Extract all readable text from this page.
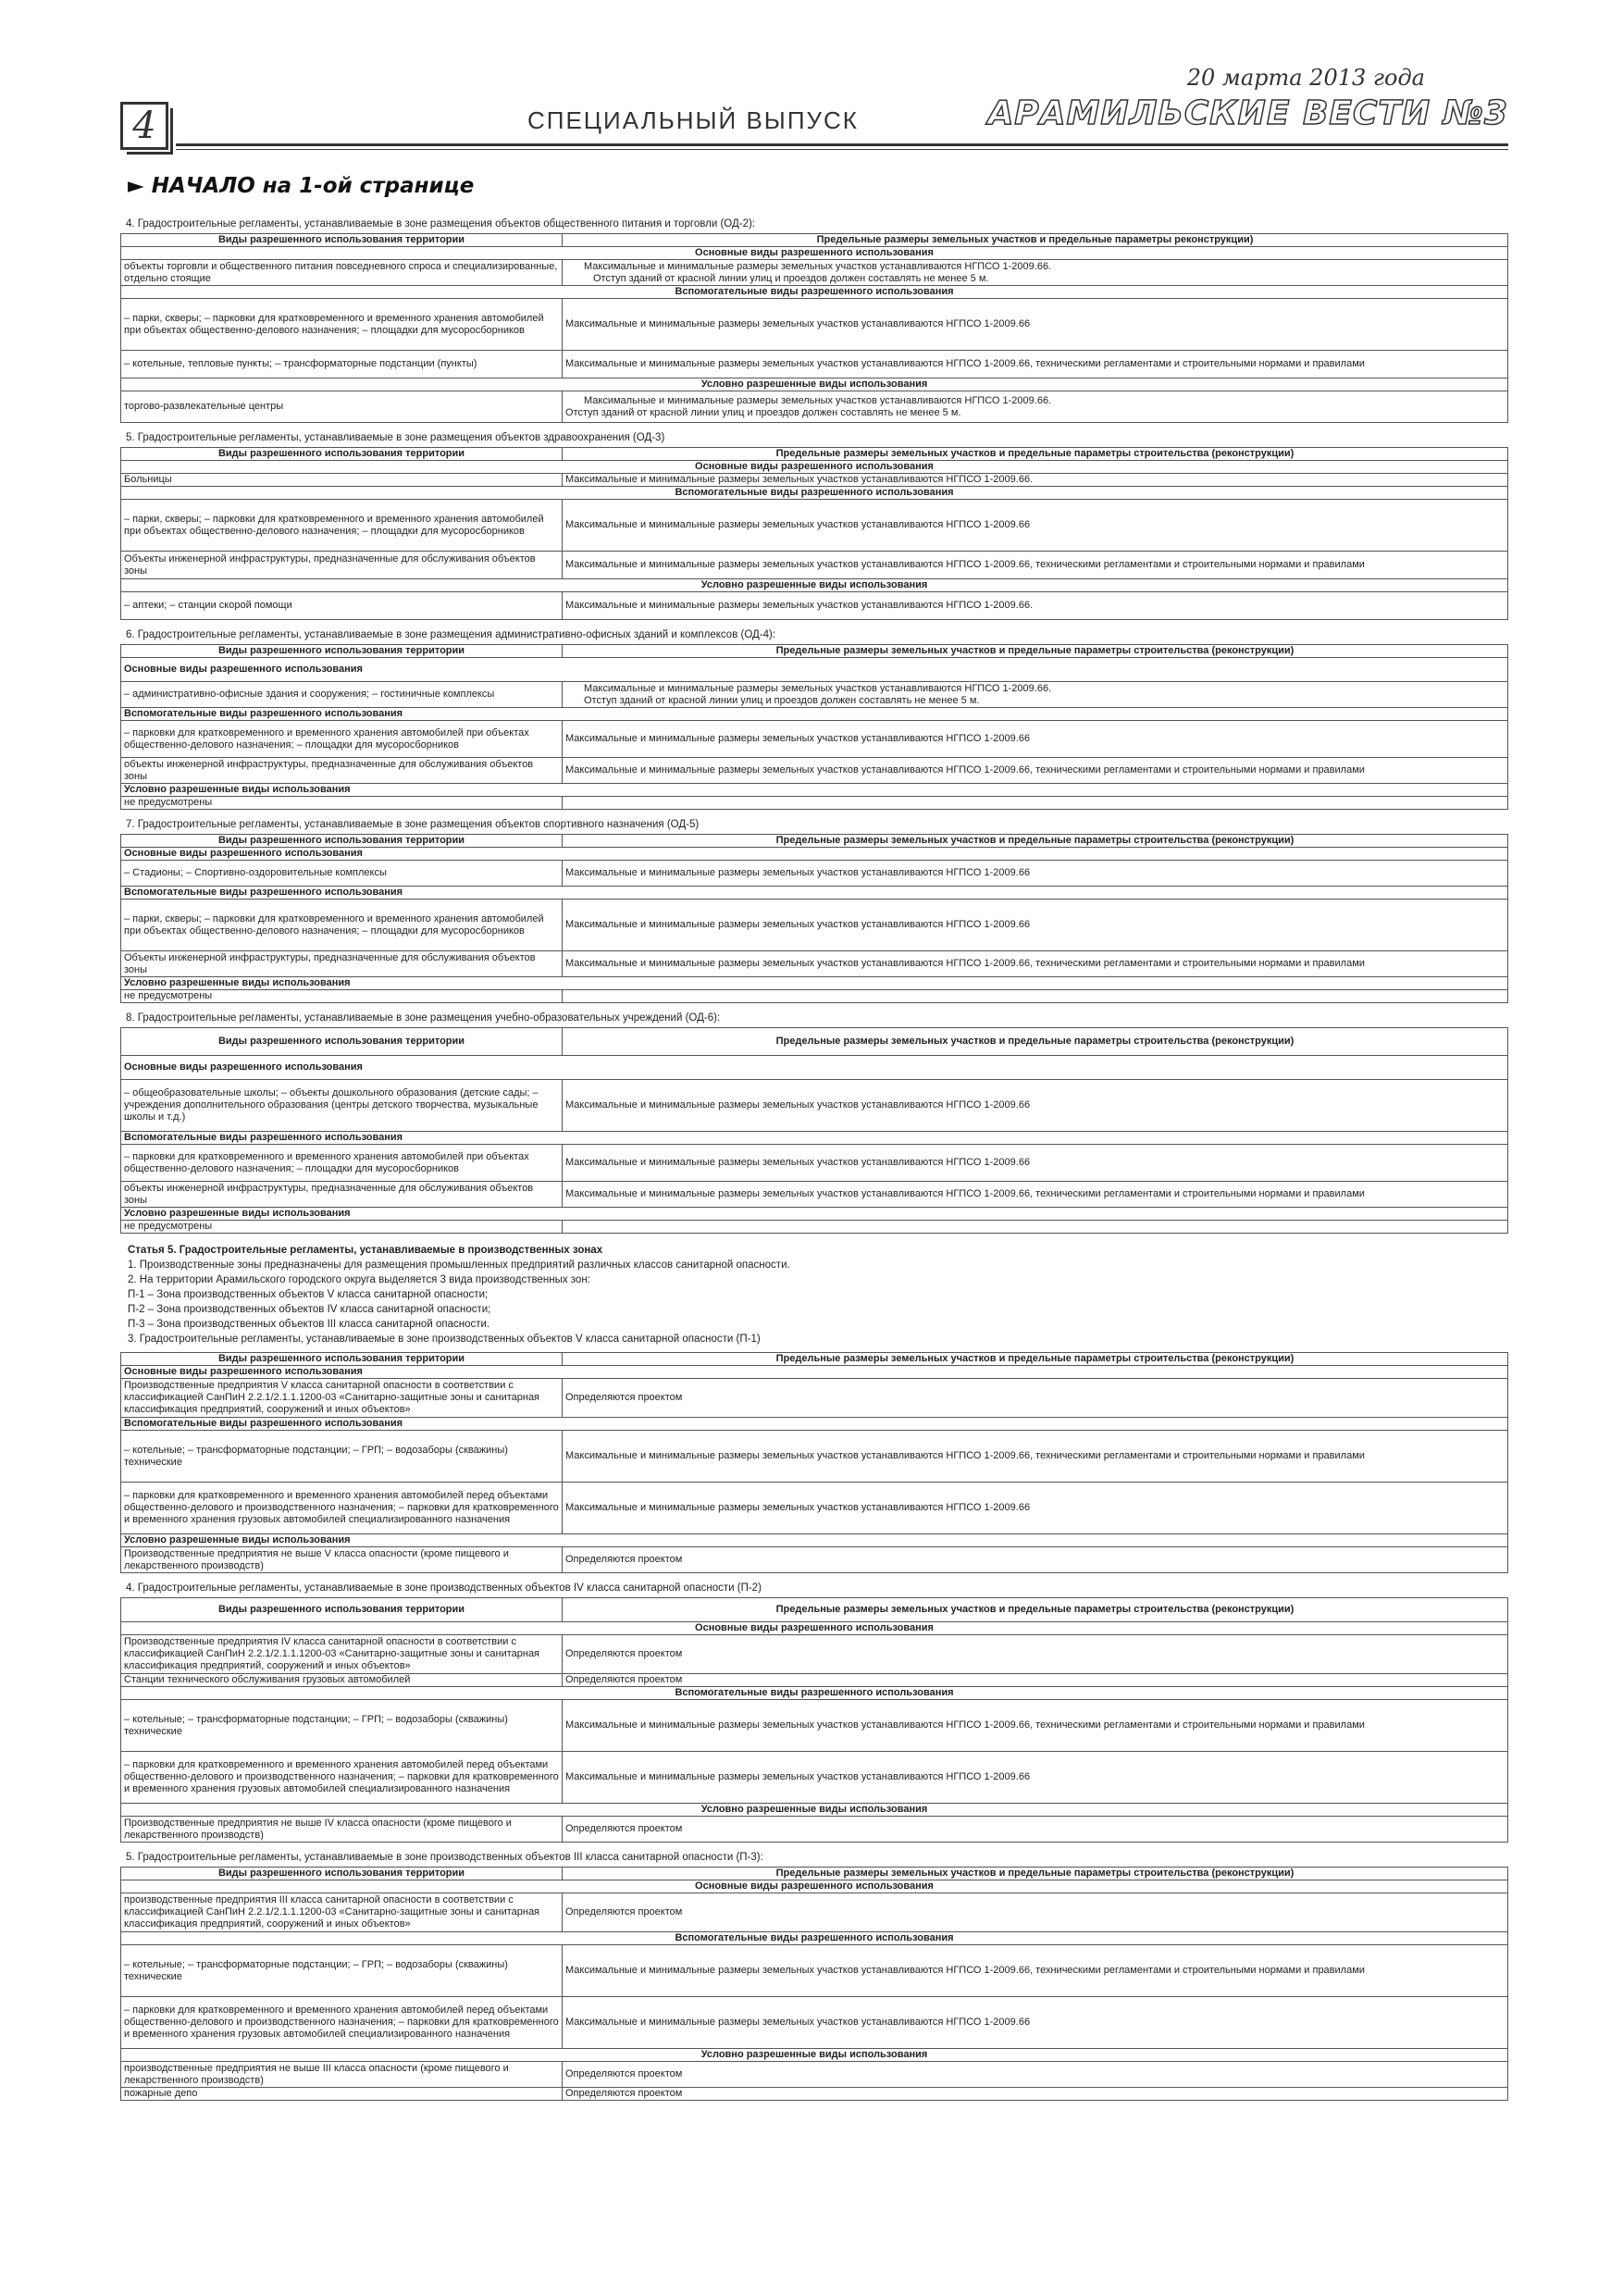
4	СПЕЦИАЛЬНЫЙ ВЫПУСК
20 марта 2013 года
АРАМИЛЬСКИЕ ВЕСТИ №3
► НАЧАЛО на 1-ой странице
4. Градостроительные регламенты, устанавливаемые в зоне размещения объектов общественного питания и торговли (ОД-2):
Виды разрешенного использования территории	Предельные размеры земельных участков и предельные параметры реконструкции)
Основные виды разрешенного использования	
объекты торговли и общественного питания повседневного спроса и специализированные, отдельно стоящие	Максимальные и минимальные размеры земельных участков устанавливаются НГПСО 1-2009.66.
Отступ зданий от красной линии улиц и проездов должен составлять не менее 5 м.

Вспомогательные виды разрешенного использования	
– парки, скверы; – парковки для кратковременного и временного хранения автомобилей при объектах общественно-делового назначения; – площадки для мусоросборников	Максимальные и минимальные размеры земельных участков устанавливаются НГПСО 1-2009.66
– котельные, тепловые пункты; – трансформаторные подстанции (пункты)	Максимальные и минимальные размеры земельных участков устанавливаются НГПСО 1-2009.66, техническими регламентами и строительными нормами и правилами
Условно разрешенные виды использования	
торгово-развлекательные центры	Максимальные и минимальные размеры земельных участков устанавливаются НГПСО 1-2009.66.
Отступ зданий от красной линии улиц и проездов должен составлять не менее 5 м.
5. Градостроительные регламенты, устанавливаемые в зоне размещения объектов здравоохранения (ОД-3)
Виды разрешенного использования территории	Предельные размеры земельных участков и предельные параметры строительства (реконструкции)
Основные виды разрешенного использования	
Больницы	Максимальные и минимальные размеры земельных участков устанавливаются НГПСО 1-2009.66.
Вспомогательные виды разрешенного использования	
– парки, скверы; – парковки для кратковременного и временного хранения автомобилей при объектах общественно-делового назначения; – площадки для мусоросборников	Максимальные и минимальные размеры земельных участков устанавливаются НГПСО 1-2009.66
Объекты инженерной инфраструктуры, предназначенные для обслуживания объектов зоны	Максимальные и минимальные размеры земельных участков устанавливаются НГПСО 1-2009.66, техническими регламентами и строительными нормами и правилами
Условно разрешенные виды использования	
– аптеки; – станции скорой помощи	Максимальные и минимальные размеры земельных участков устанавливаются НГПСО 1-2009.66.
6. Градостроительные регламенты, устанавливаемые в зоне размещения административно-офисных зданий и комплексов (ОД-4):
Виды разрешенного использования территории	Предельные размеры земельных участков и предельные параметры строительства (реконструкции)
Основные виды разрешенного использования	
– административно-офисные здания и сооружения; – гостиничные комплексы	Максимальные и минимальные размеры земельных участков устанавливаются НГПСО 1-2009.66.
Отступ зданий от красной линии улиц и проездов должен составлять не менее 5 м.

Вспомогательные виды разрешенного использования	
– парковки для кратковременного и временного хранения автомобилей при объектах общественно-делового назначения; – площадки для мусоросборников	Максимальные и минимальные размеры земельных участков устанавливаются НГПСО 1-2009.66
объекты инженерной инфраструктуры, предназначенные для обслуживания объектов зоны	Максимальные и минимальные размеры земельных участков устанавливаются НГПСО 1-2009.66, техническими регламентами и строительными нормами и правилами
Условно разрешенные виды использования	
не предусмотрены	
7. Градостроительные регламенты, устанавливаемые в зоне размещения объектов спортивного назначения (ОД-5)
Виды разрешенного использования территории	Предельные размеры земельных участков и предельные параметры строительства (реконструкции)
Основные виды разрешенного использования	
– Стадионы; – Спортивно-оздоровительные комплексы	Максимальные и минимальные размеры земельных участков устанавливаются НГПСО 1-2009.66
Вспомогательные виды разрешенного использования	
– парки, скверы; – парковки для кратковременного и временного хранения автомобилей при объектах общественно-делового назначения; – площадки для мусоросборников	Максимальные и минимальные размеры земельных участков устанавливаются НГПСО 1-2009.66
Объекты инженерной инфраструктуры, предназначенные для обслуживания объектов зоны	Максимальные и минимальные размеры земельных участков устанавливаются НГПСО 1-2009.66, техническими регламентами и строительными нормами и правилами
Условно разрешенные виды использования	
не предусмотрены	
8. Градостроительные регламенты, устанавливаемые в зоне размещения учебно-образовательных учреждений (ОД-6):
Виды разрешенного использования территории	Предельные размеры земельных участков и предельные параметры строительства (реконструкции)
Основные виды разрешенного использования	
– общеобразовательные школы; – объекты дошкольного образования (детские сады; – учреждения дополнительного образования (центры детского творчества, музыкальные школы и т.д.)	Максимальные и минимальные размеры земельных участков устанавливаются НГПСО 1-2009.66
Вспомогательные виды разрешенного использования	
– парковки для кратковременного и временного хранения автомобилей при объектах общественно-делового назначения; – площадки для мусоросборников	Максимальные и минимальные размеры земельных участков устанавливаются НГПСО 1-2009.66
объекты инженерной инфраструктуры, предназначенные для обслуживания объектов зоны	Максимальные и минимальные размеры земельных участков устанавливаются НГПСО 1-2009.66, техническими регламентами и строительными нормами и правилами
Условно разрешенные виды использования	
не предусмотрены	
Статья 5. Градостроительные регламенты, устанавливаемые в производственных зонах
1. Производственные зоны предназначены для размещения промышленных предприятий различных классов санитарной опасности.
2. На территории Арамильского городского округа выделяется 3 вида производственных зон:
П-1 – Зона производственных объектов V класса санитарной опасности;
П-2 – Зона производственных объектов IV класса санитарной опасности;
П-3 – Зона производственных объектов III класса санитарной опасности.
3. Градостроительные регламенты, устанавливаемые в зоне производственных объектов V класса санитарной опасности (П-1)
Виды разрешенного использования территории	Предельные размеры земельных участков и предельные параметры строительства (реконструкции)
Основные виды разрешенного использования	
Производственные предприятия V класса санитарной опасности в соответствии с классификацией СанПиН 2.2.1/2.1.1.1200-03 «Санитарно-защитные зоны и санитарная классификация предприятий, сооружений и иных объектов»	Определяются проектом
Вспомогательные виды разрешенного использования	
– котельные; – трансформаторные подстанции; – ГРП; – водозаборы (скважины) технические	Максимальные и минимальные размеры земельных участков устанавливаются НГПСО 1-2009.66, техническими регламентами и строительными нормами и правилами
– парковки для кратковременного и временного хранения автомобилей перед объектами общественно-делового и производственного назначения; – парковки для кратковременного и временного хранения грузовых автомобилей специализированного назначения	Максимальные и минимальные размеры земельных участков устанавливаются НГПСО 1-2009.66
Условно разрешенные виды использования	
Производственные предприятия не выше V класса опасности (кроме пищевого и лекарственного производств)	Определяются проектом
4. Градостроительные регламенты, устанавливаемые в зоне производственных объектов IV класса санитарной опасности (П-2)
Виды разрешенного использования территории	Предельные размеры земельных участков и предельные параметры строительства (реконструкции)
Основные виды разрешенного использования	
Производственные предприятия IV класса санитарной опасности в соответствии с классификацией СанПиН 2.2.1/2.1.1.1200-03 «Санитарно-защитные зоны и санитарная классификация предприятий, сооружений и иных объектов»	Определяются проектом
Станции технического обслуживания грузовых автомобилей	Определяются проектом
Вспомогательные виды разрешенного использования	
– котельные; – трансформаторные подстанции; – ГРП; – водозаборы (скважины) технические	Максимальные и минимальные размеры земельных участков устанавливаются НГПСО 1-2009.66, техническими регламентами и строительными нормами и правилами
– парковки для кратковременного и временного хранения автомобилей перед объектами общественно-делового и производственного назначения; – парковки для кратковременного и временного хранения грузовых автомобилей специализированного назначения	Максимальные и минимальные размеры земельных участков устанавливаются НГПСО 1-2009.66
Условно разрешенные виды использования	
Производственные предприятия не выше IV класса опасности (кроме пищевого и лекарственного производств)	Определяются проектом
5. Градостроительные регламенты, устанавливаемые в зоне производственных объектов III класса санитарной опасности (П-3):
Виды разрешенного использования территории	Предельные размеры земельных участков и предельные параметры строительства (реконструкции)
Основные виды разрешенного использования	
производственные предприятия III класса санитарной опасности в соответствии с классификацией СанПиН 2.2.1/2.1.1.1200-03 «Санитарно-защитные зоны и санитарная классификация предприятий, сооружений и иных объектов»	Определяются проектом
Вспомогательные виды разрешенного использования	
– котельные; – трансформаторные подстанции; – ГРП; – водозаборы (скважины) технические	Максимальные и минимальные размеры земельных участков устанавливаются НГПСО 1-2009.66, техническими регламентами и строительными нормами и правилами
– парковки для кратковременного и временного хранения автомобилей перед объектами общественно-делового и производственного назначения; – парковки для кратковременного и временного хранения грузовых автомобилей специализированного назначения	Максимальные и минимальные размеры земельных участков устанавливаются НГПСО 1-2009.66
Условно разрешенные виды использования	
производственные предприятия не выше III класса опасности (кроме пищевого и лекарственного производств)	Определяются проектом
пожарные депо	Определяются проектом
